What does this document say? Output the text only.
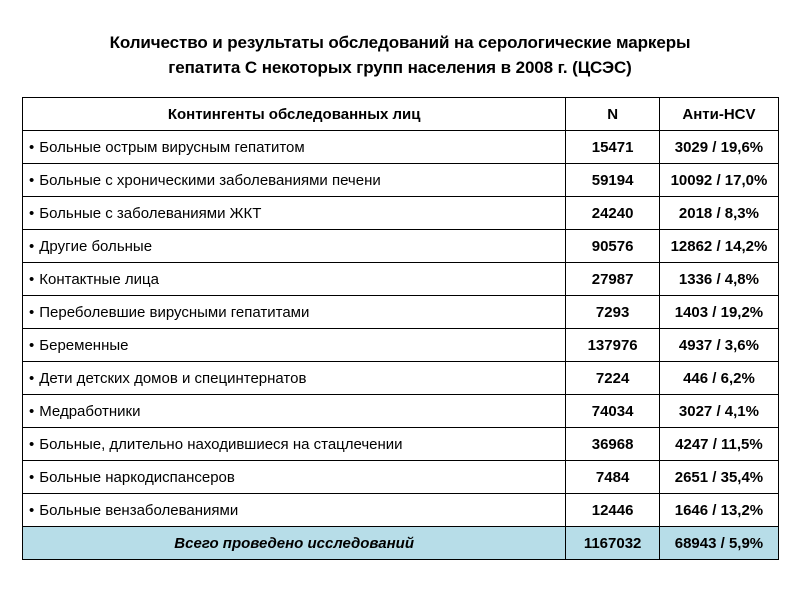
Количество и результаты обследований на серологические маркеры
гепатита С некоторых групп населения в 2008 г. (ЦСЭС)
Контингенты обследованных лиц	N	Анти-HCV
• Больные острым вирусным гепатитом	15471	3029 / 19,6%
• Больные с хроническими заболеваниями печени	59194	10092 / 17,0%
• Больные с заболеваниями ЖКТ	24240	2018 / 8,3%
• Другие больные	90576	12862 / 14,2%
• Контактные лица	27987	1336 / 4,8%
• Переболевшие вирусными гепатитами	7293	1403 / 19,2%
• Беременные	137976	4937 / 3,6%
• Дети детских домов и специнтернатов	7224	446 / 6,2%
• Медработники	74034	3027 / 4,1%
• Больные, длительно находившиеся на стацлечении	36968	4247 / 11,5%
• Больные наркодиспансеров	7484	2651 / 35,4%
• Больные вензаболеваниями	12446	1646 / 13,2%
Всего проведено исследований	1167032	68943 / 5,9%
